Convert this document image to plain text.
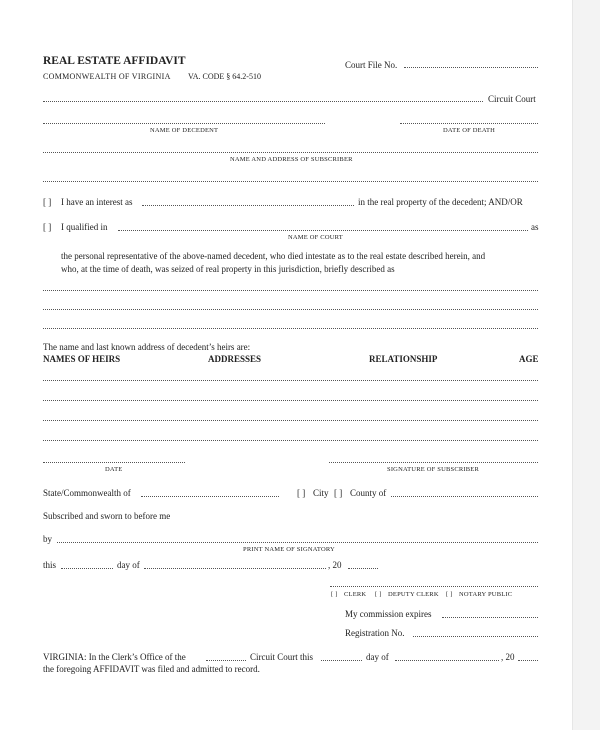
REAL ESTATE AFFIDAVIT
COMMONWEALTH OF VIRGINIA VA. CODE § 64.2-510
Court File No.
Circuit Court
NAME OF DECEDENT	DATE OF DEATH
NAME AND ADDRESS OF SUBSCRIBER
[ ] I have an interest as	in the real property of the decedent; AND/OR
[ ] I qualified in	as
NAME OF COURT
the personal representative of the above-named decedent, who died intestate as to the real estate described herein, and
who, at the time of death, was seized of real property in this jurisdiction, briefly described as
The name and last known address of decedent’s heirs are:
NAMES OF HEIRS	ADDRESSES	RELATIONSHIP	AGE
DATE	SIGNATURE OF SUBSCRIBER
State/Commonwealth of	[ ] City [ ] County of
Subscribed and sworn to before me
by
PRINT NAME OF SIGNATORY
this	day of	, 20
[ ] CLERK [ ] DEPUTY CLERK [ ] NOTARY PUBLIC
My commission expires
Registration No.
VIRGINIA: In the Clerk’s Office of the	Circuit Court this	day of	, 20
the foregoing AFFIDAVIT was filed and admitted to record.
